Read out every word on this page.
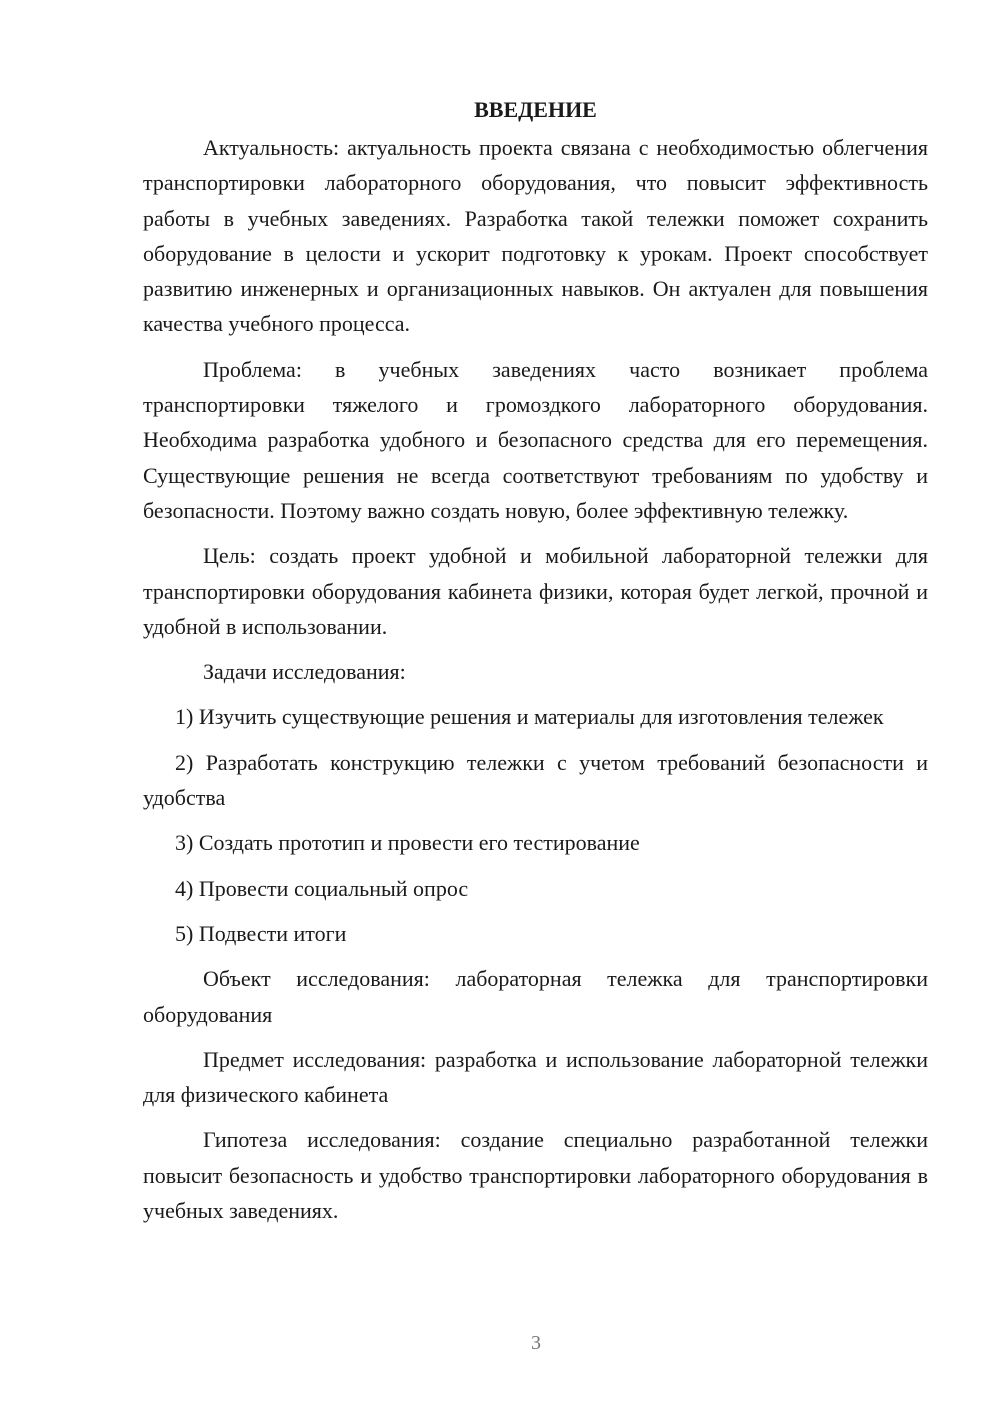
ВВЕДЕНИЕ

Актуальность: актуальность проекта связана с необходимостью облегчения транспортировки лабораторного оборудования, что повысит эффективность работы в учебных заведениях. Разработка такой тележки поможет сохранить оборудование в целости и ускорит подготовку к урокам. Проект способствует развитию инженерных и организационных навыков. Он актуален для повышения качества учебного процесса.

Проблема: в учебных заведениях часто возникает проблема транспортировки тяжелого и громоздкого лабораторного оборудования. Необходима разработка удобного и безопасного средства для его перемещения. Существующие решения не всегда соответствуют требованиям по удобству и безопасности. Поэтому важно создать новую, более эффективную тележку.

Цель: создать проект удобной и мобильной лабораторной тележки для транспортировки оборудования кабинета физики, которая будет легкой, прочной и удобной в использовании.

Задачи исследования:

1) Изучить существующие решения и материалы для изготовления тележек

2) Разработать конструкцию тележки с учетом требований безопасности и удобства

3) Создать прототип и провести его тестирование

4) Провести социальный опрос

5) Подвести итоги

Объект исследования: лабораторная тележка для транспортировки оборудования

Предмет исследования: разработка и использование лабораторной тележки для физического кабинета

Гипотеза исследования: создание специально разработанной тележки повысит безопасность и удобство транспортировки лабораторного оборудования в учебных заведениях.

3
